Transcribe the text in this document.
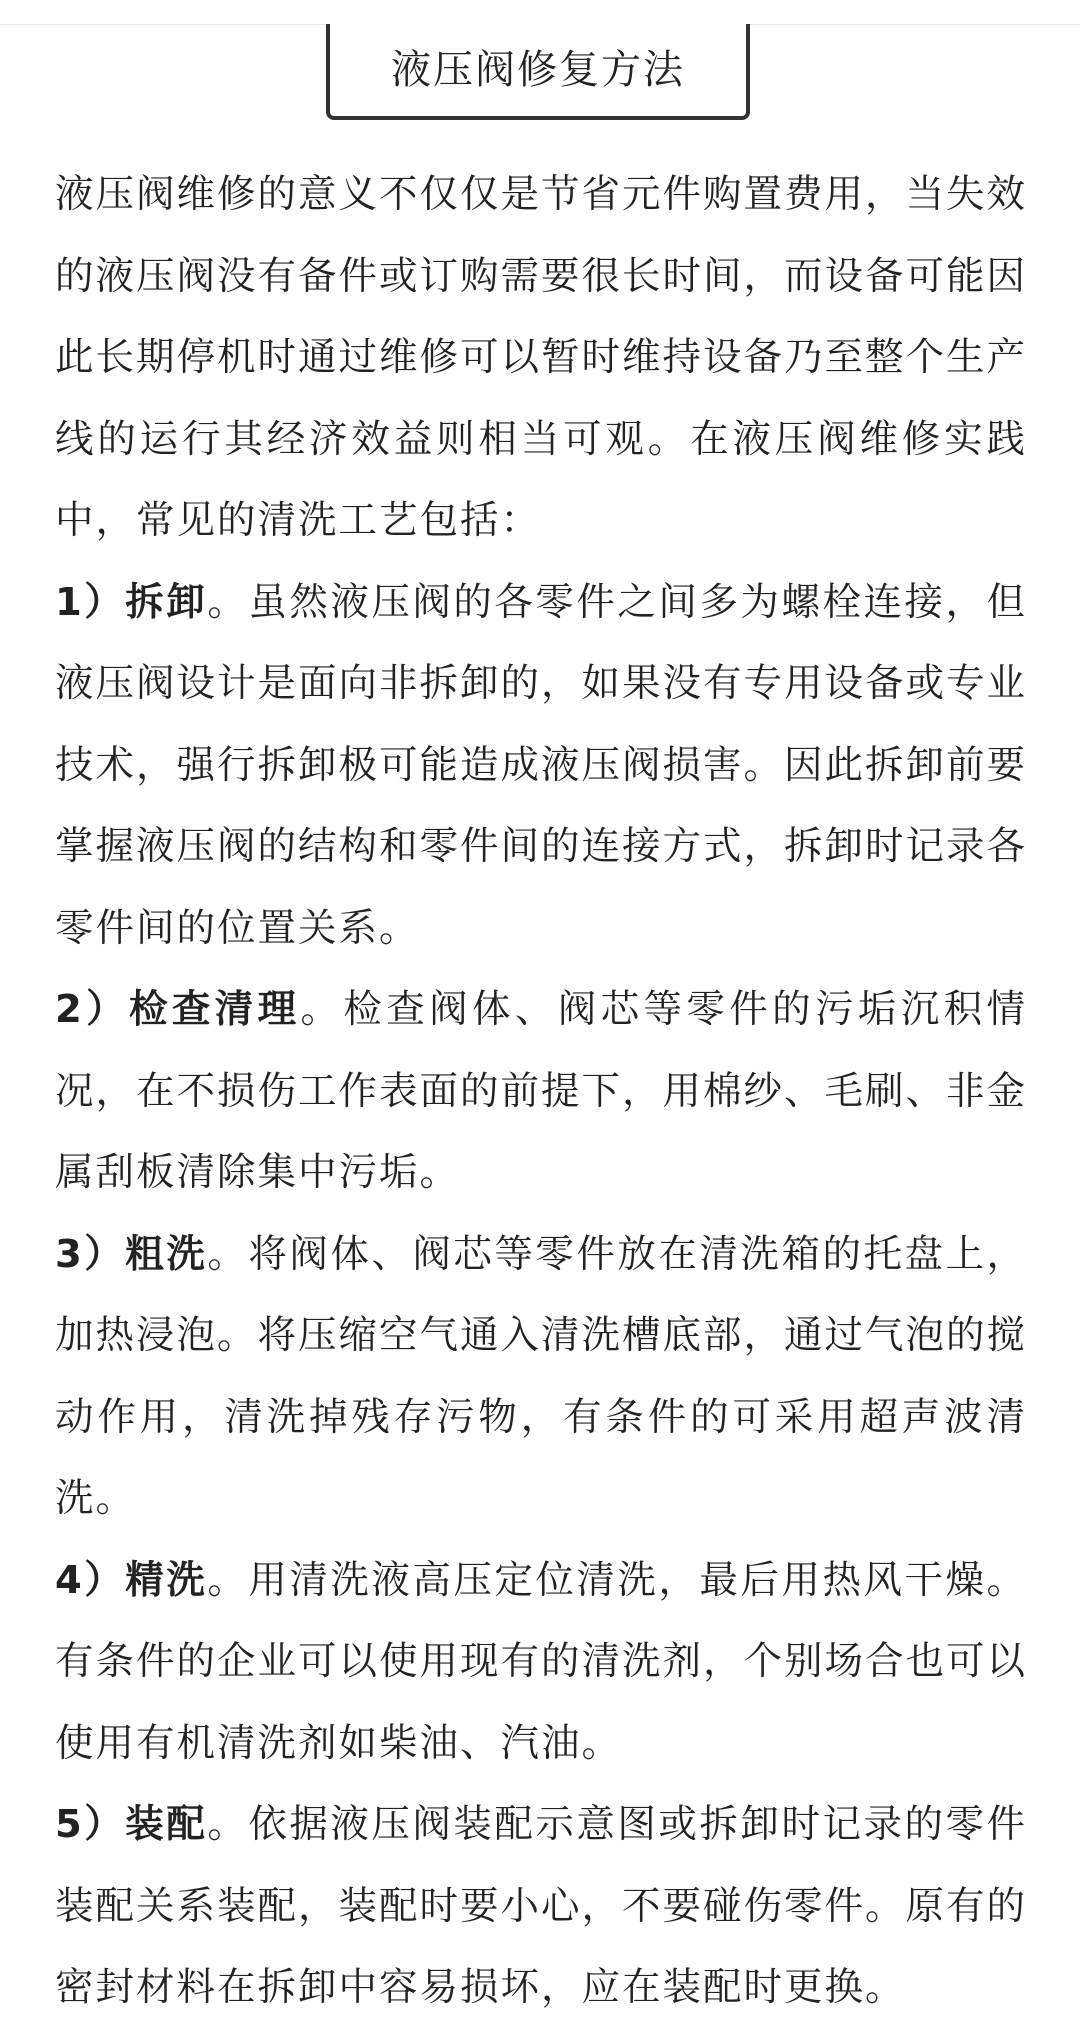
液压阀修复方法

液压阀维修的意义不仅仅是节省元件购置费用，当失效的液压阀没有备件或订购需要很长时间，而设备可能因此长期停机时通过维修可以暂时维持设备乃至整个生产线的运行其经济效益则相当可观。在液压阀维修实践中，常见的清洗工艺包括：

1）拆卸。虽然液压阀的各零件之间多为螺栓连接，但液压阀设计是面向非拆卸的，如果没有专用设备或专业技术，强行拆卸极可能造成液压阀损害。因此拆卸前要掌握液压阀的结构和零件间的连接方式，拆卸时记录各零件间的位置关系。

2）检查清理。检查阀体、阀芯等零件的污垢沉积情况，在不损伤工作表面的前提下，用棉纱、毛刷、非金属刮板清除集中污垢。

3）粗洗。将阀体、阀芯等零件放在清洗箱的托盘上，加热浸泡。将压缩空气通入清洗槽底部，通过气泡的搅动作用，清洗掉残存污物，有条件的可采用超声波清洗。

4）精洗。用清洗液高压定位清洗，最后用热风干燥。有条件的企业可以使用现有的清洗剂，个别场合也可以使用有机清洗剂如柴油、汽油。

5）装配。依据液压阀装配示意图或拆卸时记录的零件装配关系装配，装配时要小心，不要碰伤零件。原有的密封材料在拆卸中容易损坏，应在装配时更换。
